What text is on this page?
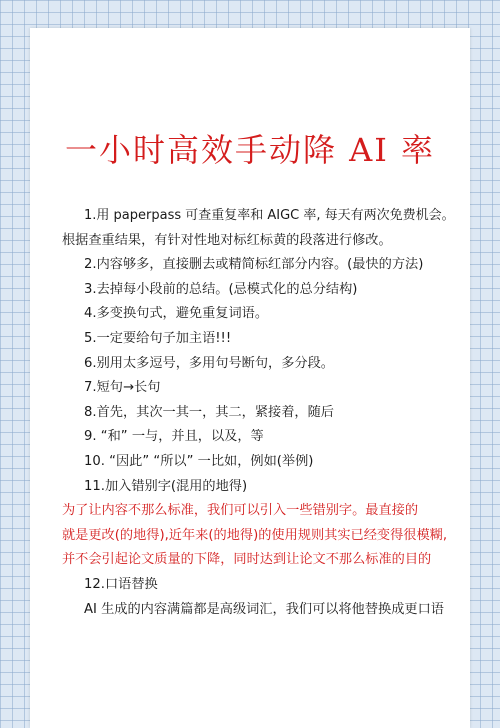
一小时高效手动降 AI 率
1.用 paperpass 可查重复率和 AIGC 率, 每天有两次免费机会。
根据查重结果，有针对性地对标红标黄的段落进行修改。
2.内容够多，直接删去或精简标红部分内容。(最快的方法)
3.去掉每小段前的总结。(忌模式化的总分结构)
4.多变换句式，避免重复词语。
5.一定要给句子加主语!!!
6.别用太多逗号，多用句号断句，多分段。
7.短句→长句
8.首先，其次一其一，其二，紧接着，随后
9. “和” 一与，并且，以及，等
10. “因此” “所以” 一比如，例如(举例)
11.加入错别字(混用的地得)
为了让内容不那么标准，我们可以引入一些错别字。最直接的
就是更改(的地得),近年来(的地得)的使用规则其实已经变得很模糊,
并不会引起论文质量的下降，同时达到让论文不那么标准的目的
12.口语替换
AI 生成的内容满篇都是高级词汇，我们可以将他替换成更口语
